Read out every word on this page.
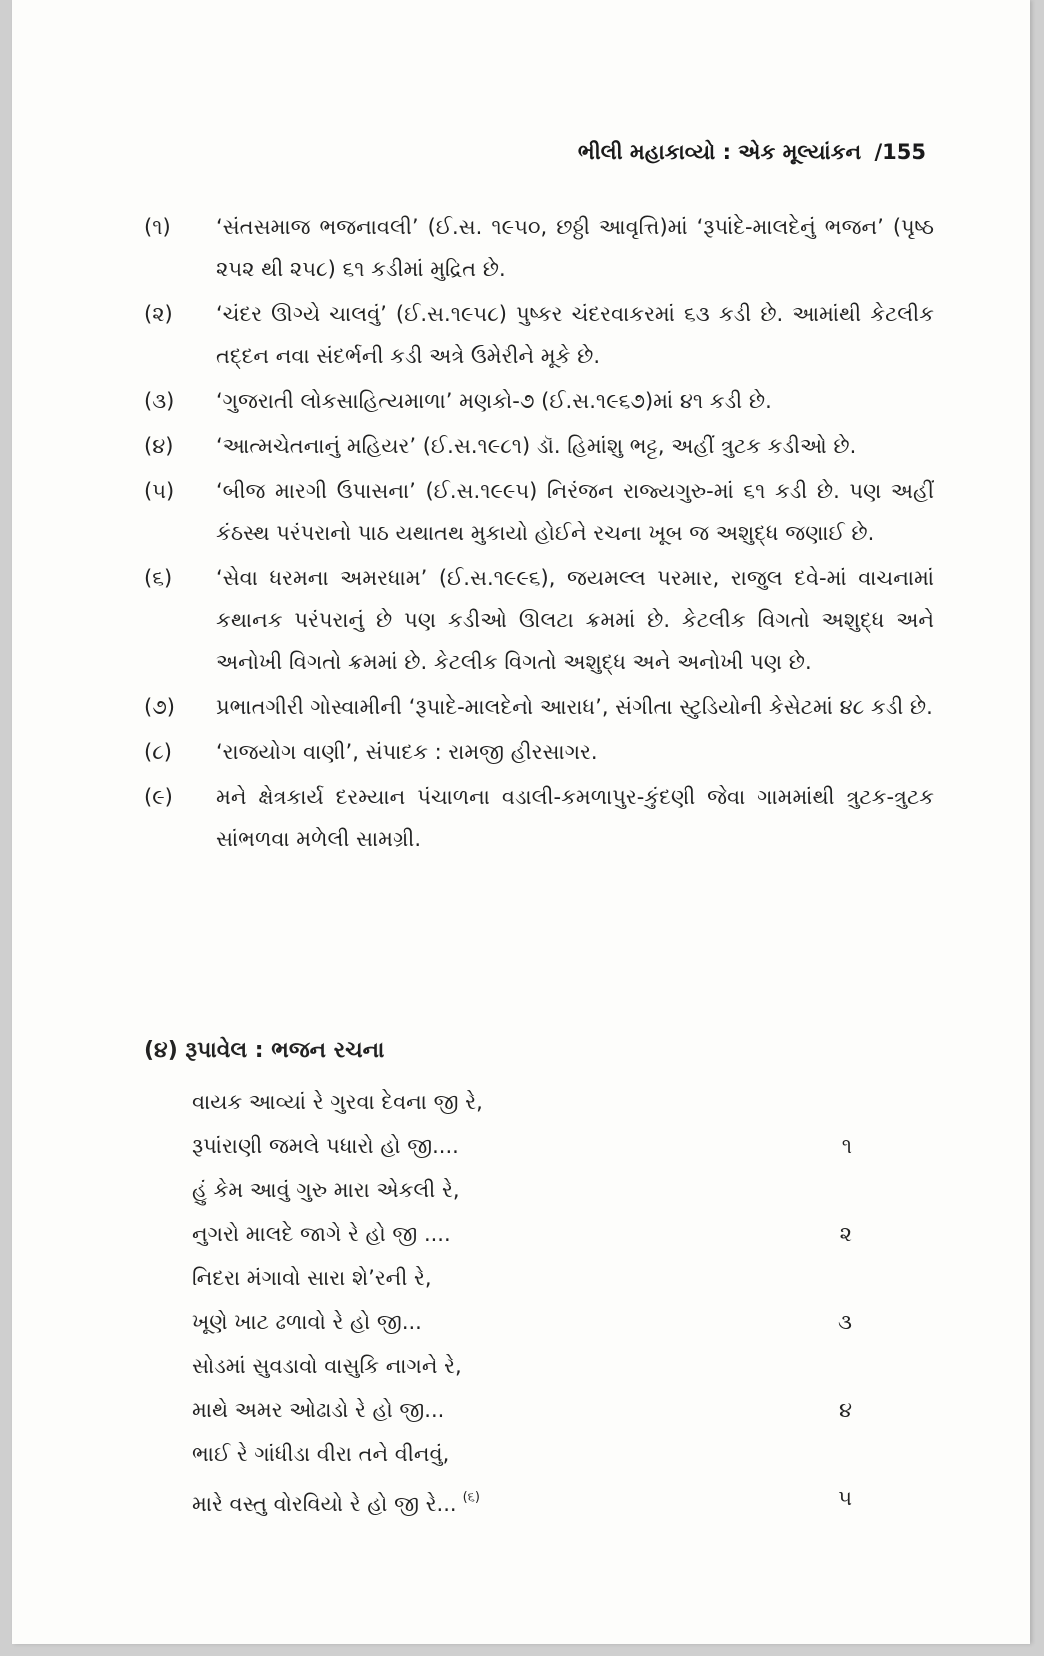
ભીલી મહાકાવ્યો : એક મૂલ્યાંકન /155
(૧) ‘સંતસમાજ ભજનાવલી’ (ઈ.સ. ૧૯૫૦, છઠ્ઠી આવૃત્તિ)માં ‘રૂપાંદે-માલદેનું ભજન’ (પૃષ્ઠ ૨૫૨ થી ૨૫૮) ૬૧ કડીમાં મુદ્રિત છે.
(૨) ‘ચંદર ઊગ્યે ચાલવું’ (ઈ.સ.૧૯૫૮) પુષ્કર ચંદરવાકરમાં ૬૩ કડી છે. આમાંથી કેટલીક તદ્દન નવા સંદર્ભની કડી અત્રે ઉમેરીને મૂકે છે.
(૩) ‘ગુજરાતી લોકસાહિત્યમાળા’ મણકો-૭ (ઈ.સ.૧૯૬૭)માં ૪૧ કડી છે.
(૪) ‘આત્મચેતનાનું મહિયર’ (ઈ.સ.૧૯૮૧) ડૉ. હિમાંશુ ભટ્ટ, અહીં ત્રુટક કડીઓ છે.
(૫) ‘બીજ મારગી ઉપાસના’ (ઈ.સ.૧૯૯૫) નિરંજન રાજ્યગુરુ-માં ૬૧ કડી છે. પણ અહીં કંઠસ્થ પરંપરાનો પાઠ યથાતથ મુકાયો હોઈને રચના ખૂબ જ અશુદ્ધ જણાઈ છે.
(૬) ‘સેવા ધરમના અમરધામ’ (ઈ.સ.૧૯૯૬), જયમલ્લ પરમાર, રાજુલ દવે-માં વાચનામાં કથાનક પરંપરાનું છે પણ કડીઓ ઊલટા ક્રમમાં છે. કેટલીક વિગતો અશુદ્ધ અને અનોખી વિગતો ક્રમમાં છે. કેટલીક વિગતો અશુદ્ધ અને અનોખી પણ છે.
(૭) પ્રભાતગીરી ગોસ્વામીની ‘રૂપાદે-માલદેનો આરાધ’, સંગીતા સ્ટુડિયોની કેસેટમાં ૪૮ કડી છે.
(૮) ‘રાજયોગ વાણી’, સંપાદક : રામજી હીરસાગર.
(૯) મને ક્ષેત્રકાર્ય દરમ્યાન પંચાળના વડાલી-કમળાપુર-કુંદણી જેવા ગામમાંથી ત્રુટક-ત્રુટક સાંભળવા મળેલી સામગ્રી.
(૪) રૂપાવેલ : ભજન રચના
વાયક આવ્યાં રે ગુરવા દેવના જી રે,
રૂપાંરાણી જમલે પધારો હો જી....	૧
હું કેમ આવું ગુરુ મારા એકલી રે,
નુગરો માલદે જાગે રે હો જી ....	૨
નિદરા મંગાવો સારા શે’રની રે,
ખૂણે ખાટ ઢળાવો રે હો જી...	૩
સોડમાં સુવડાવો વાસુકિ નાગને રે,
માથે અમર ઓઢાડો રે હો જી...	૪
ભાઈ રે ગાંધીડા વીરા તને વીનવું,
મારે વસ્તુ વોરવિયો રે હો જી રે... $^{(૬)}$	૫
